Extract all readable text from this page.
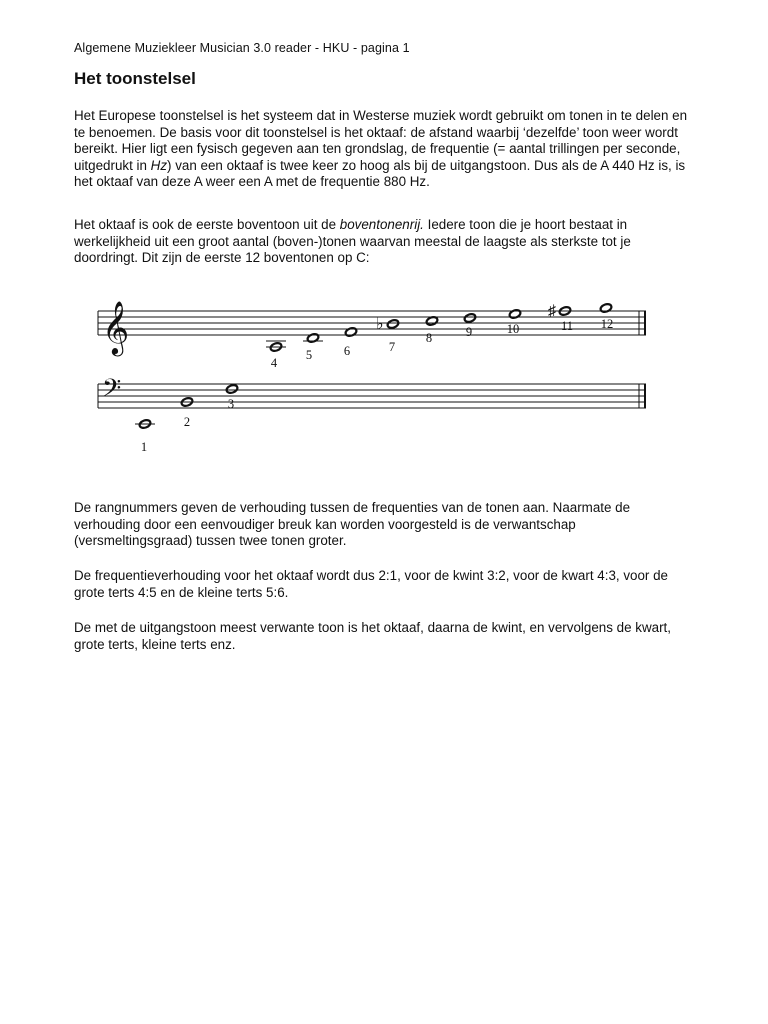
Algemene Muziekleer Musician 3.0 reader - HKU - pagina 1
Het toonstelsel

Het Europese toonstelsel is het systeem dat in Westerse muziek wordt gebruikt om tonen in te delen en te benoemen. De basis voor dit toonstelsel is het oktaaf: de afstand waarbij ‘dezelfde’ toon weer wordt bereikt. Hier ligt een fysisch gegeven aan ten grondslag, de frequentie (= aantal trillingen per seconde, uitgedrukt in Hz) van een oktaaf is twee keer zo hoog als bij de uitgangstoon. Dus als de A 440 Hz is, is het oktaaf van deze A weer een A met de frequentie 880 Hz.

Het oktaaf is ook de eerste boventoon uit de boventonenrij. Iedere toon die je hoort bestaat in werkelijkheid uit een groot aantal (boven-)tonen waarvan meestal de laagste als sterkste tot je doordringt. Dit zijn de eerste 12 boventonen op C:

𝄞
𝄢
1
2
3
4
5	6
♭
7
8	9	10
♯
11 12

De rangnummers geven de verhouding tussen de frequenties van de tonen aan. Naarmate de verhouding door een eenvoudiger breuk kan worden voorgesteld is de verwantschap (versmeltingsgraad) tussen twee tonen groter.

De frequentieverhouding voor het oktaaf wordt dus 2:1, voor de kwint 3:2, voor de kwart 4:3, voor de grote terts 4:5 en de kleine terts 5:6.

De met de uitgangstoon meest verwante toon is het oktaaf, daarna de kwint, en vervolgens de kwart, grote terts, kleine terts enz.
